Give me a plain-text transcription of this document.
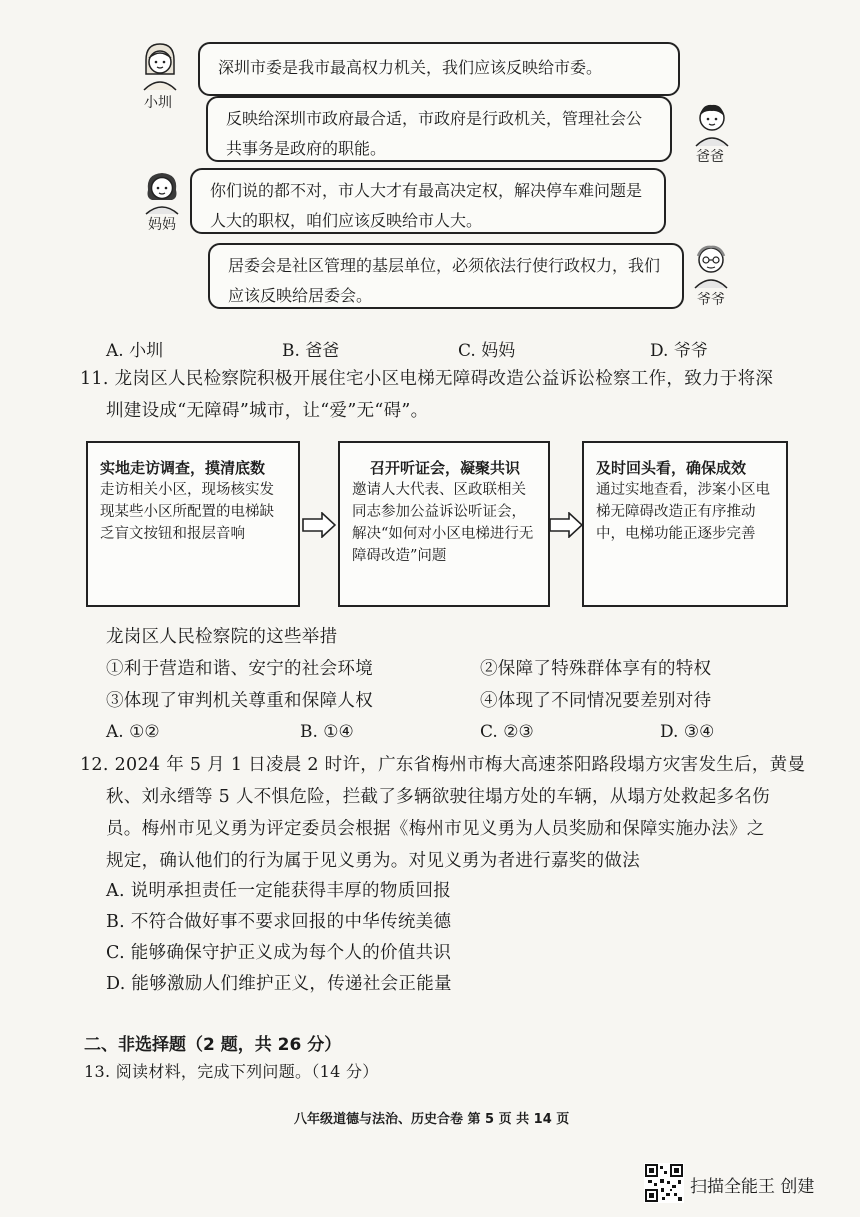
小圳
爸爸
妈妈
爷爷
深圳市委是我市最高权力机关，我们应该反映给市委。
反映给深圳市政府最合适，市政府是行政机关，管理社会公共事务是政府的职能。
你们说的都不对，市人大才有最高决定权，解决停车难问题是人大的职权，咱们应该反映给市人大。
居委会是社区管理的基层单位，必须依法行使行政权力，我们应该反映给居委会。
A. 小圳	B. 爸爸	C. 妈妈	D. 爷爷
11. 龙岗区人民检察院积极开展住宅小区电梯无障碍改造公益诉讼检察工作，致力于将深
圳建设成“无障碍”城市，让“爱”无“碍”。
实地走访调查，摸清底数
走访相关小区，现场核实发现某些小区所配置的电梯缺乏盲文按钮和报层音响
召开听证会，凝聚共识
邀请人大代表、区政联相关同志参加公益诉讼听证会，解决“如何对小区电梯进行无障碍改造”问题
及时回头看，确保成效
通过实地查看，涉案小区电梯无障碍改造正有序推动中，电梯功能正逐步完善
龙岗区人民检察院的这些举措
①利于营造和谐、安宁的社会环境	②保障了特殊群体享有的特权
③体现了审判机关尊重和保障人权	④体现了不同情况要差别对待
A. ①②	B. ①④	C. ②③	D. ③④
12. 2024 年 5 月 1 日凌晨 2 时许，广东省梅州市梅大高速茶阳路段塌方灾害发生后，黄曼
秋、刘永缙等 5 人不惧危险，拦截了多辆欲驶往塌方处的车辆，从塌方处救起多名伤
员。梅州市见义勇为评定委员会根据《梅州市见义勇为人员奖励和保障实施办法》之
规定，确认他们的行为属于见义勇为。对见义勇为者进行嘉奖的做法
A. 说明承担责任一定能获得丰厚的物质回报
B. 不符合做好事不要求回报的中华传统美德
C. 能够确保守护正义成为每个人的价值共识
D. 能够激励人们维护正义，传递社会正能量
二、非选择题（2 题，共 26 分）
13. 阅读材料，完成下列问题。（14 分）
八年级道德与法治、历史合卷 第 5 页 共 14 页
扫描全能王 创建
